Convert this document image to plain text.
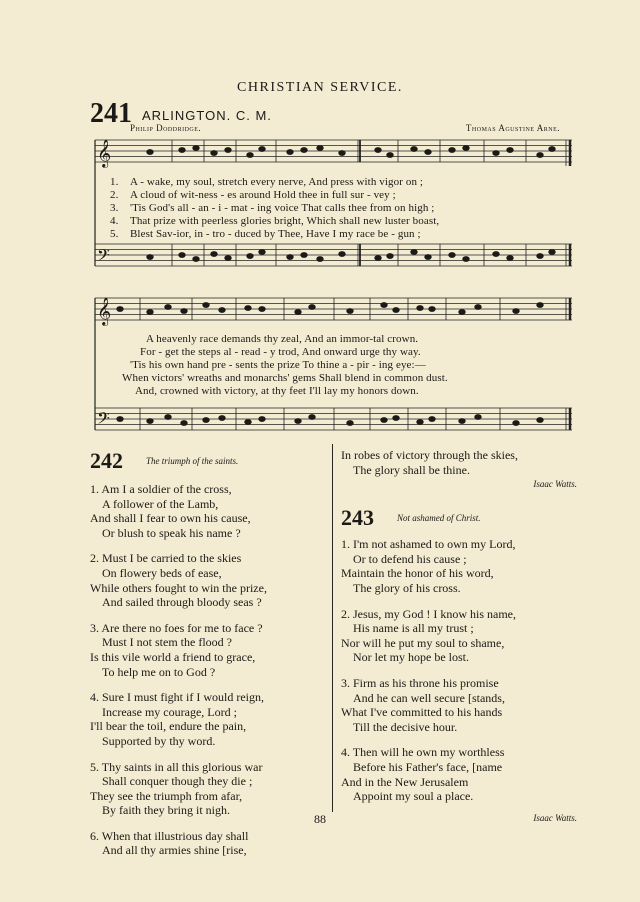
CHRISTIAN SERVICE.
241 ARLINGTON. C. M.
Philip Doddridge.	Thomas Agustine Arne.
𝄞
𝄢
𝄞
𝄢
1. A - wake, my soul, stretch every nerve, And press with vigor on ;
2. A cloud of wit-ness - es around Hold thee in full sur - vey ;
3. 'Tis God's all - an - i - mat - ing voice That calls thee from on high ;
4. That prize with peerless glories bright, Which shall new luster boast,
5. Blest Sav-ior, in - tro - duced by Thee, Have I my race be - gun ;
A heavenly race demands thy zeal, And an immor-tal crown.
For - get the steps al - read - y trod, And onward urge thy way.
'Tis his own hand pre - sents the prize To thine a - pir - ing eye:—
When victors' wreaths and monarchs' gems Shall blend in common dust.
And, crowned with victory, at thy feet I'll lay my honors down.
242	The triumph of the saints.
1. Am I a soldier of the cross,
A follower of the Lamb,
And shall I fear to own his cause,
Or blush to speak his name ?
2. Must I be carried to the skies
On flowery beds of ease,
While others fought to win the prize,
And sailed through bloody seas ?
3. Are there no foes for me to face ?
Must I not stem the flood ?
Is this vile world a friend to grace,
To help me on to God ?
4. Sure I must fight if I would reign,
Increase my courage, Lord ;
I'll bear the toil, endure the pain,
Supported by thy word.
5. Thy saints in all this glorious war
Shall conquer though they die ;
They see the triumph from afar,
By faith they bring it nigh.
6. When that illustrious day shall
And all thy armies shine [rise,
In robes of victory through the skies,
The glory shall be thine.
Isaac Watts.
243	Not ashamed of Christ.
1. I'm not ashamed to own my Lord,
Or to defend his cause ;
Maintain the honor of his word,
The glory of his cross.
2. Jesus, my God ! I know his name,
His name is all my trust ;
Nor will he put my soul to shame,
Nor let my hope be lost.
3. Firm as his throne his promise
And he can well secure [stands,
What I've committed to his hands
Till the decisive hour.
4. Then will he own my worthless
Before his Father's face, [name
And in the New Jerusalem
Appoint my soul a place.
Isaac Watts.
88
